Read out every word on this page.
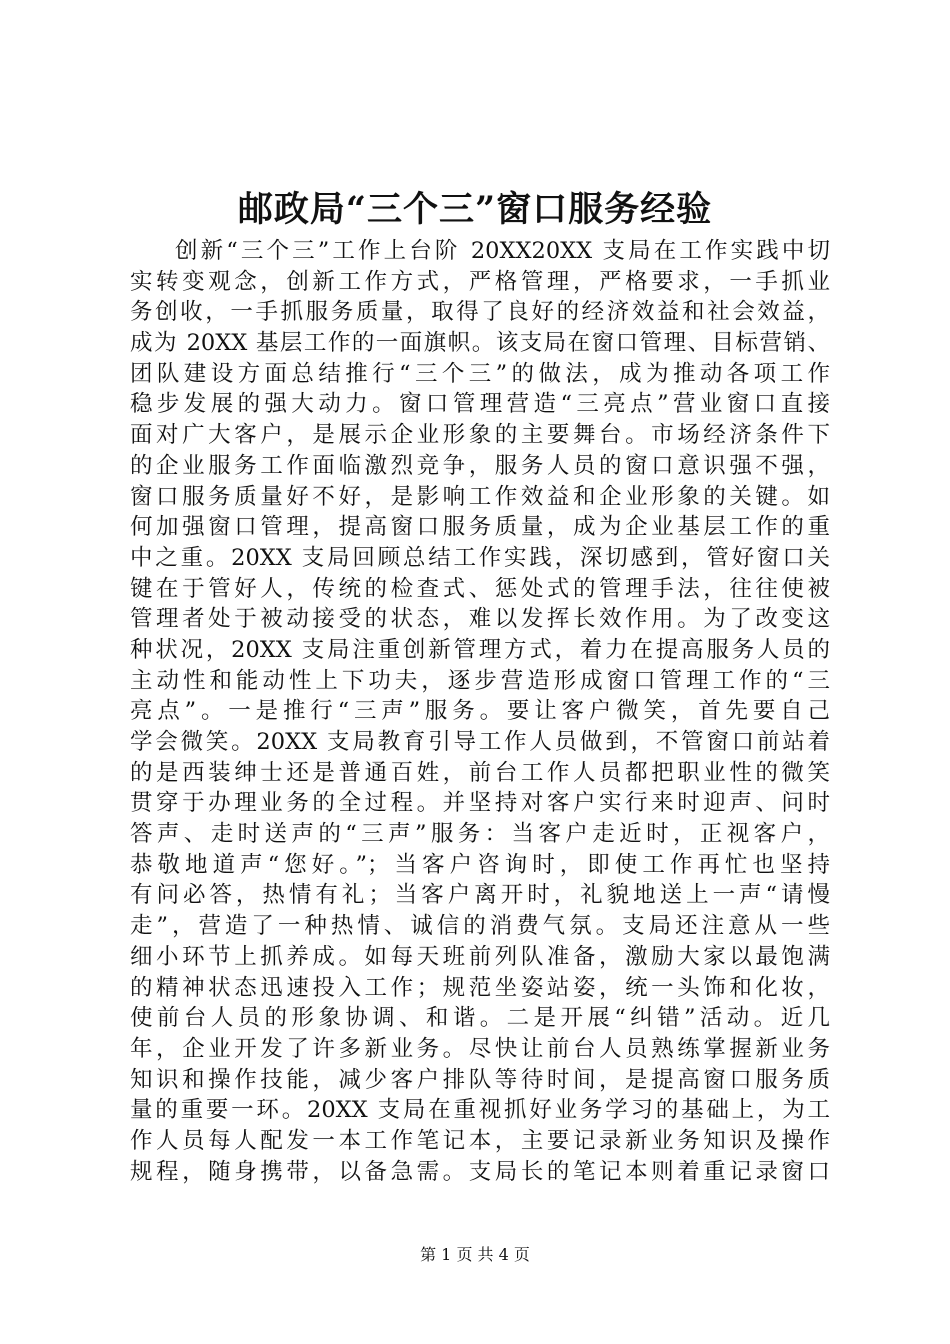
邮政局“三个三”窗口服务经验
创新“三个三”工作上台阶 20XX20XX 支局在工作实践中切
实转变观念，创新工作方式，严格管理，严格要求，一手抓业
务创收，一手抓服务质量，取得了良好的经济效益和社会效益，
成为 20XX 基层工作的一面旗帜。该支局在窗口管理、目标营销、
团队建设方面总结推行“三个三”的做法，成为推动各项工作
稳步发展的强大动力。窗口管理营造“三亮点”营业窗口直接
面对广大客户，是展示企业形象的主要舞台。市场经济条件下
的企业服务工作面临激烈竞争，服务人员的窗口意识强不强，
窗口服务质量好不好，是影响工作效益和企业形象的关键。如
何加强窗口管理，提高窗口服务质量，成为企业基层工作的重
中之重。20XX 支局回顾总结工作实践，深切感到，管好窗口关
键在于管好人，传统的检查式、惩处式的管理手法，往往使被
管理者处于被动接受的状态，难以发挥长效作用。为了改变这
种状况，20XX 支局注重创新管理方式，着力在提高服务人员的
主动性和能动性上下功夫，逐步营造形成窗口管理工作的“三
亮点”。一是推行“三声”服务。要让客户微笑，首先要自己
学会微笑。20XX 支局教育引导工作人员做到，不管窗口前站着
的是西装绅士还是普通百姓，前台工作人员都把职业性的微笑
贯穿于办理业务的全过程。并坚持对客户实行来时迎声、问时
答声、走时送声的“三声”服务：当客户走近时，正视客户，
恭敬地道声“您好。”；当客户咨询时，即使工作再忙也坚持
有问必答，热情有礼；当客户离开时，礼貌地送上一声“请慢
走”，营造了一种热情、诚信的消费气氛。支局还注意从一些
细小环节上抓养成。如每天班前列队准备，激励大家以最饱满
的精神状态迅速投入工作；规范坐姿站姿，统一头饰和化妆，
使前台人员的形象协调、和谐。二是开展“纠错”活动。近几
年，企业开发了许多新业务。尽快让前台人员熟练掌握新业务
知识和操作技能，减少客户排队等待时间，是提高窗口服务质
量的重要一环。20XX 支局在重视抓好业务学习的基础上，为工
作人员每人配发一本工作笔记本，主要记录新业务知识及操作
规程，随身携带，以备急需。支局长的笔记本则着重记录窗口
第 1 页 共 4 页
